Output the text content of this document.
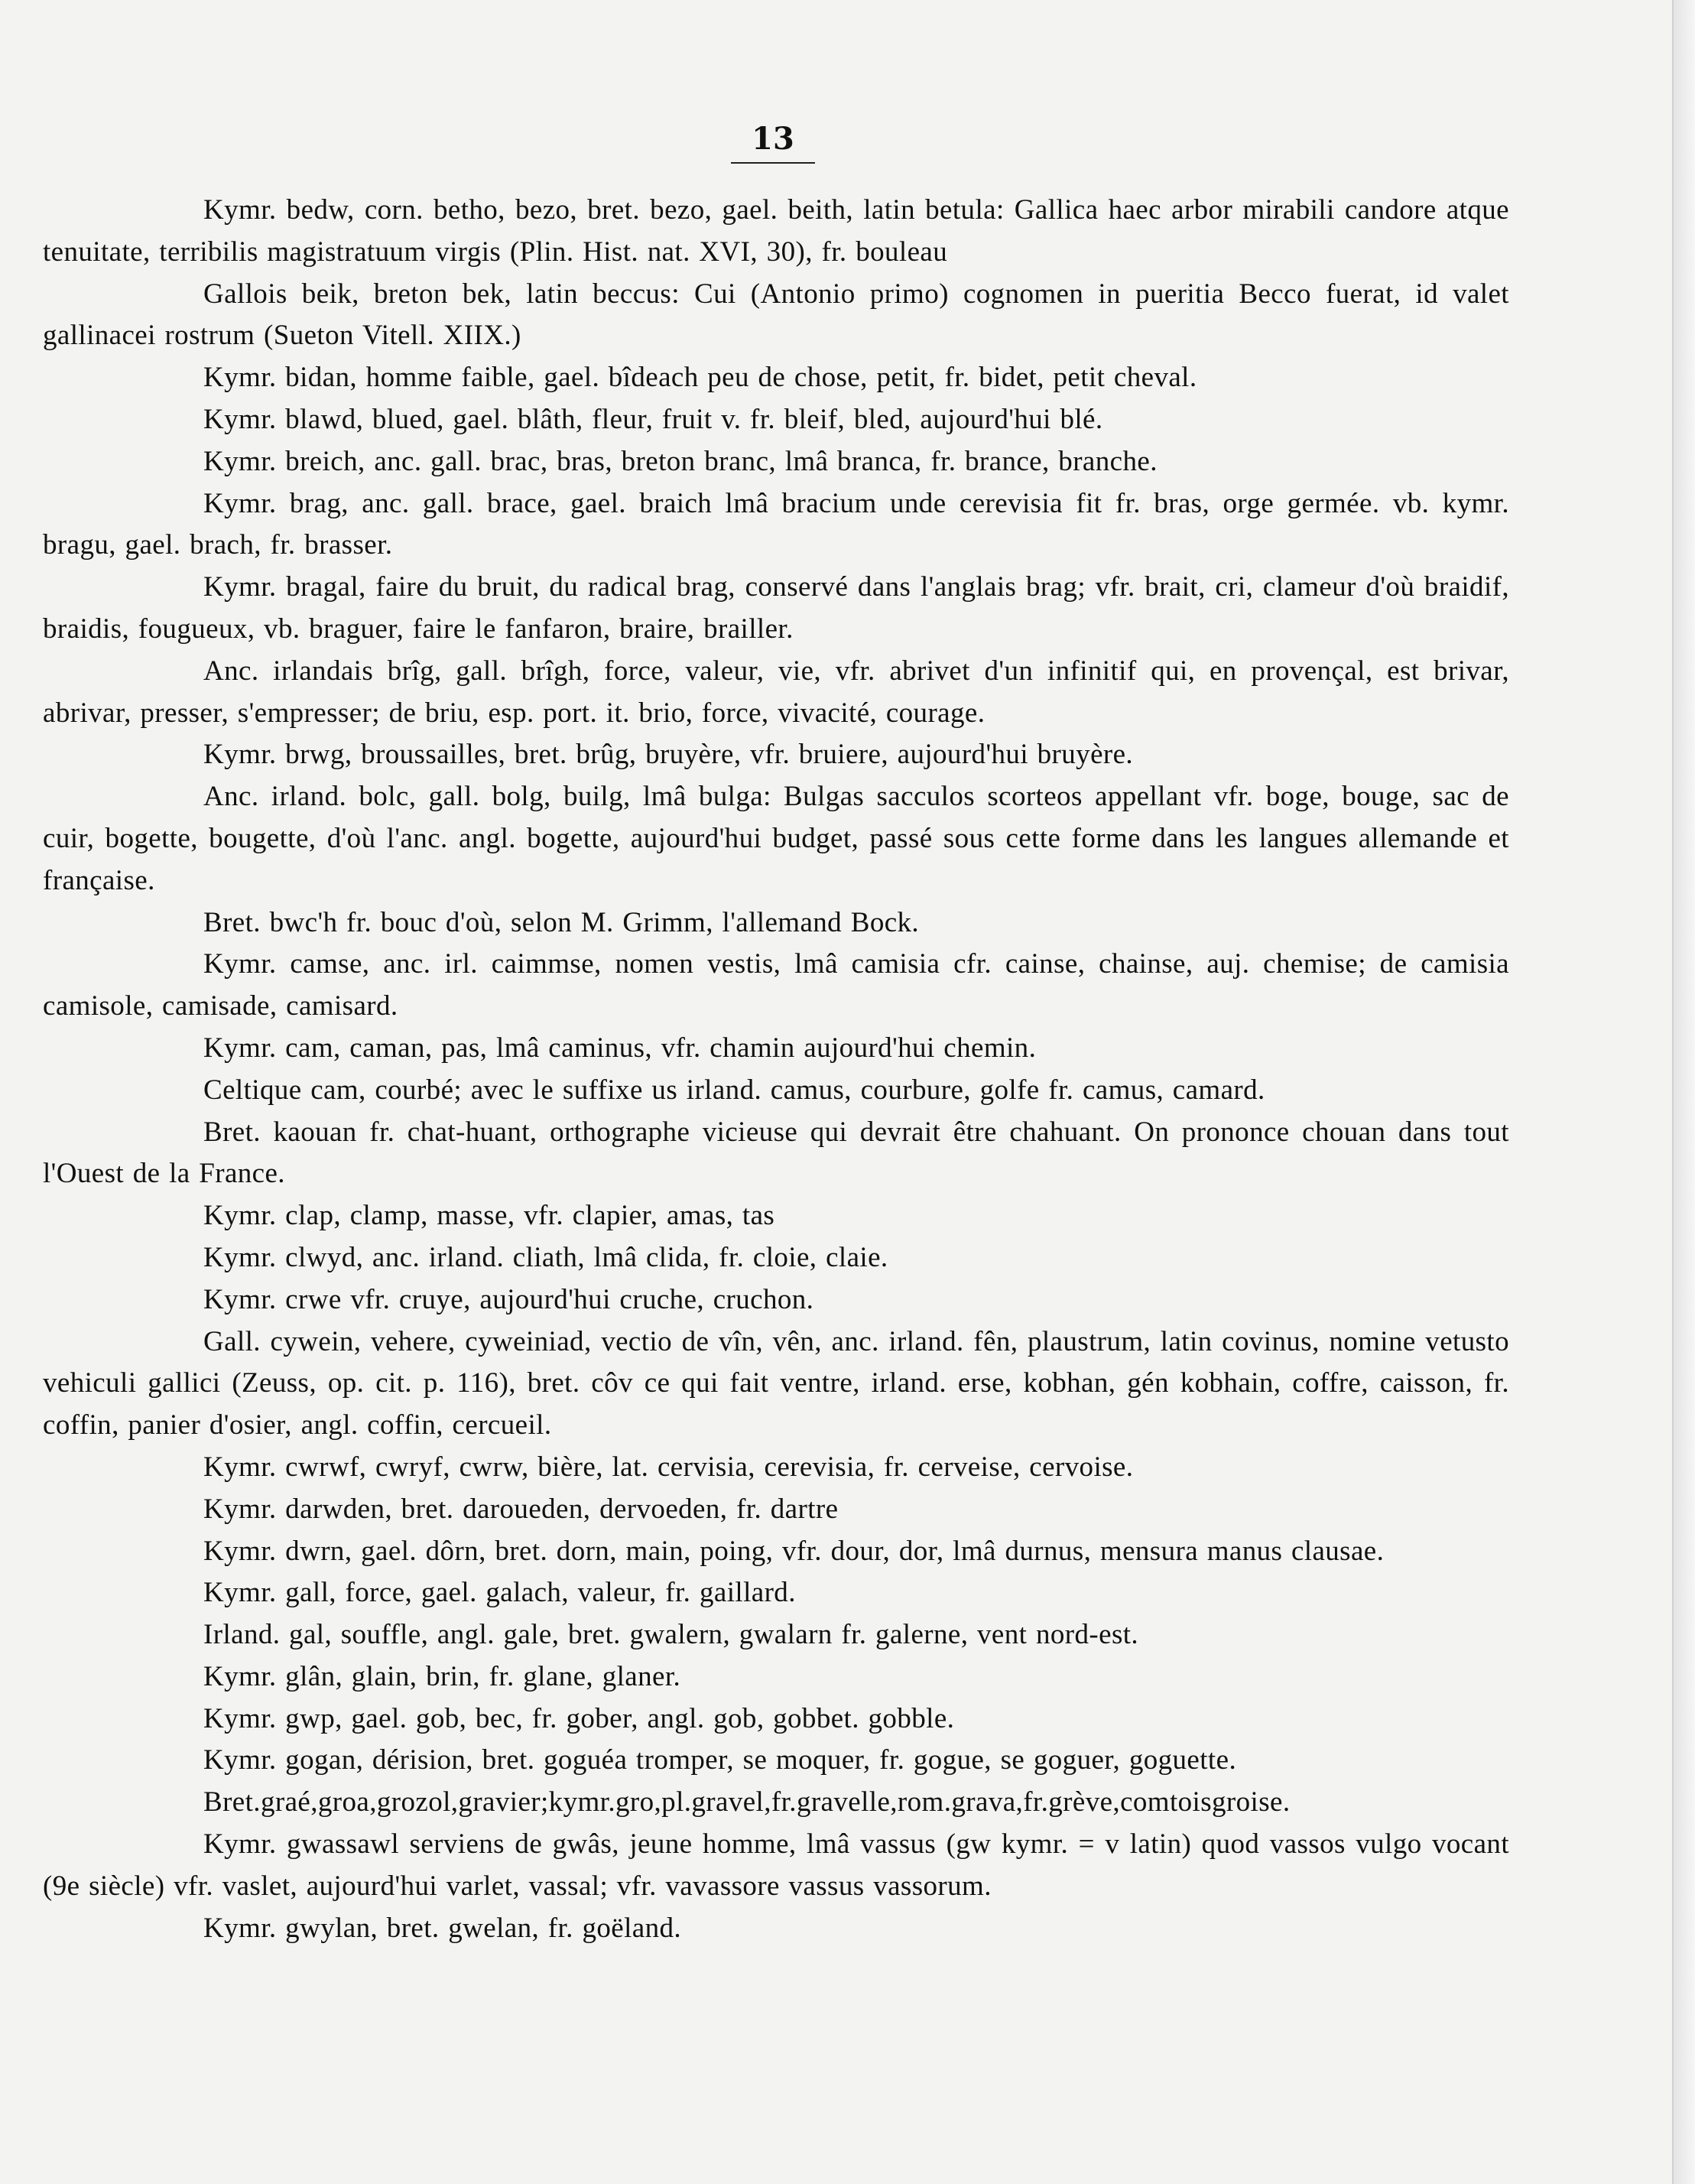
13

Kymr. bedw, corn. betho, bezo, bret. bezo, gael. beith, latin betula: Gallica haec arbor mirabili candore atque tenuitate, terribilis magistratuum virgis (Plin. Hist. nat. XVI, 30), fr. bouleau

Gallois beik, breton bek, latin beccus: Cui (Antonio primo) cognomen in pueritia Becco fuerat, id valet gallinacei rostrum (Sueton Vitell. XIIX.)

Kymr. bidan, homme faible, gael. bîdeach peu de chose, petit, fr. bidet, petit cheval.

Kymr. blawd, blued, gael. blâth, fleur, fruit v. fr. bleif, bled, aujourd'hui blé.

Kymr. breich, anc. gall. brac, bras, breton branc, lmâ branca, fr. brance, branche.

Kymr. brag, anc. gall. brace, gael. braich lmâ bracium unde cerevisia fit fr. bras, orge germée. vb. kymr. bragu, gael. brach, fr. brasser.

Kymr. bragal, faire du bruit, du radical brag, conservé dans l'anglais brag; vfr. brait, cri, clameur d'où braidif, braidis, fougueux, vb. braguer, faire le fanfaron, braire, brailler.

Anc. irlandais brîg, gall. brîgh, force, valeur, vie, vfr. abrivet d'un infinitif qui, en provençal, est brivar, abrivar, presser, s'empresser; de briu, esp. port. it. brio, force, vivacité, courage.

Kymr. brwg, broussailles, bret. brûg, bruyère, vfr. bruiere, aujourd'hui bruyère.

Anc. irland. bolc, gall. bolg, builg, lmâ bulga: Bulgas sacculos scorteos appellant vfr. boge, bouge, sac de cuir, bogette, bougette, d'où l'anc. angl. bogette, aujourd'hui budget, passé sous cette forme dans les langues allemande et française.

Bret. bwc'h fr. bouc d'où, selon M. Grimm, l'allemand Bock.

Kymr. camse, anc. irl. caimmse, nomen vestis, lmâ camisia cfr. cainse, chainse, auj. chemise; de camisia camisole, camisade, camisard.

Kymr. cam, caman, pas, lmâ caminus, vfr. chamin aujourd'hui chemin.

Celtique cam, courbé; avec le suffixe us irland. camus, courbure, golfe fr. camus, camard.

Bret. kaouan fr. chat-huant, orthographe vicieuse qui devrait être chahuant. On prononce chouan dans tout l'Ouest de la France.

Kymr. clap, clamp, masse, vfr. clapier, amas, tas

Kymr. clwyd, anc. irland. cliath, lmâ clida, fr. cloie, claie.

Kymr. crwe vfr. cruye, aujourd'hui cruche, cruchon.

Gall. cywein, vehere, cyweiniad, vectio de vîn, vên, anc. irland. fên, plaustrum, latin covinus, nomine vetusto vehiculi gallici (Zeuss, op. cit. p. 116), bret. côv ce qui fait ventre, irland. erse, kobhan, gén kobhain, coffre, caisson, fr. coffin, panier d'osier, angl. coffin, cercueil.

Kymr. cwrwf, cwryf, cwrw, bière, lat. cervisia, cerevisia, fr. cerveise, cervoise.

Kymr. darwden, bret. daroueden, dervoeden, fr. dartre

Kymr. dwrn, gael. dôrn, bret. dorn, main, poing, vfr. dour, dor, lmâ durnus, mensura manus clausae.

Kymr. gall, force, gael. galach, valeur, fr. gaillard.

Irland. gal, souffle, angl. gale, bret. gwalern, gwalarn fr. galerne, vent nord-est.

Kymr. glân, glain, brin, fr. glane, glaner.

Kymr. gwp, gael. gob, bec, fr. gober, angl. gob, gobbet. gobble.

Kymr. gogan, dérision, bret. goguéa tromper, se moquer, fr. gogue, se goguer, goguette.

Bret.graé,groa,grozol,gravier;kymr.gro,pl.gravel,fr.gravelle,rom.grava,fr.grève,comtoisgroise.

Kymr. gwassawl serviens de gwâs, jeune homme, lmâ vassus (gw kymr. = v latin) quod vassos vulgo vocant (9e siècle) vfr. vaslet, aujourd'hui varlet, vassal; vfr. vavassore vassus vassorum.

Kymr. gwylan, bret. gwelan, fr. goëland.
